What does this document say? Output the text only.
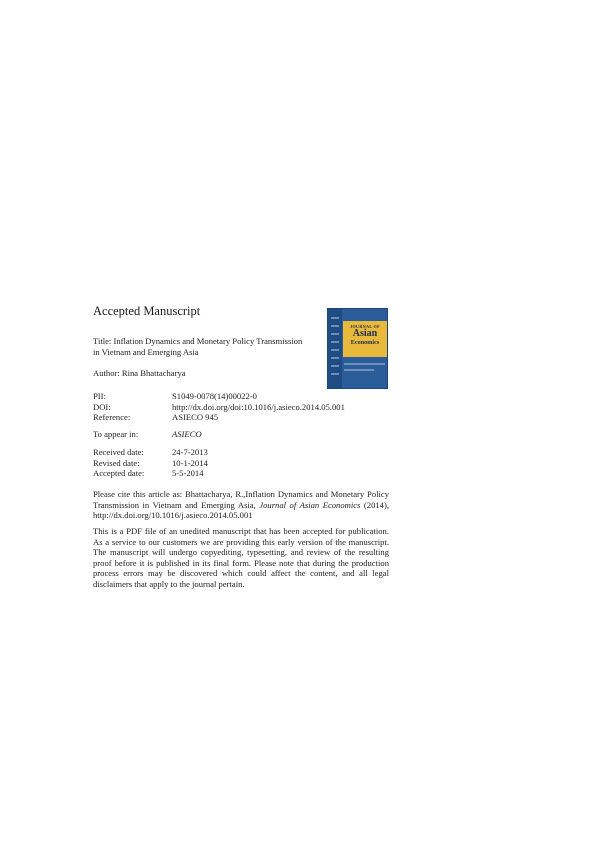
Accepted Manuscript
JOURNAL OF
Asian
Economics
Title: Inflation Dynamics and Monetary Policy Transmission
in Vietnam and Emerging Asia
Author: Rina Bhattacharya
PII:	S1049-0078(14)00022-0
DOI:	http://dx.doi.org/doi:10.1016/j.asieco.2014.05.001
Reference:	ASIECO 945
To appear in:	ASIECO
Received date:	24-7-2013
Revised date:	10-1-2014
Accepted date:	5-5-2014
Please cite this article as: Bhattacharya, R.,Inflation Dynamics and Monetary Policy Transmission in Vietnam and Emerging Asia, Journal of Asian Economics (2014), http://dx.doi.org/10.1016/j.asieco.2014.05.001
This is a PDF file of an unedited manuscript that has been accepted for publication. As a service to our customers we are providing this early version of the manuscript. The manuscript will undergo copyediting, typesetting, and review of the resulting proof before it is published in its final form. Please note that during the production process errors may be discovered which could affect the content, and all legal disclaimers that apply to the journal pertain.
